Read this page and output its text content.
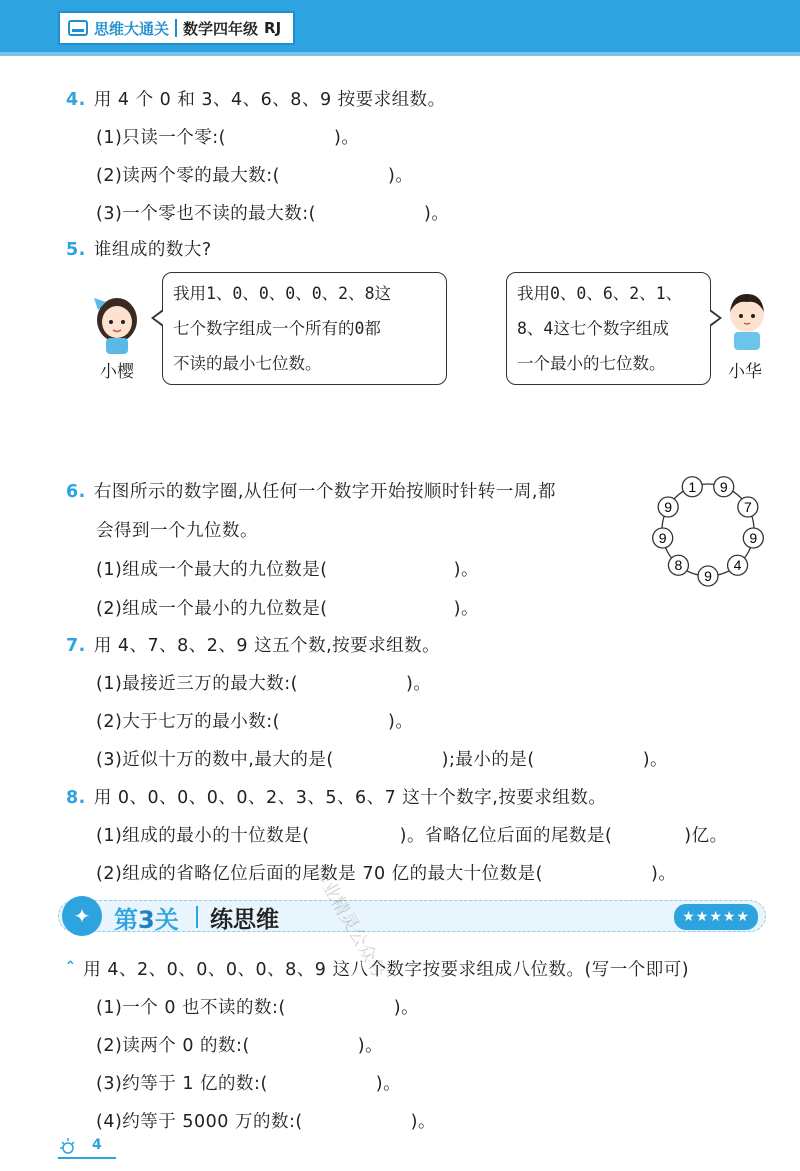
思维大通关 数学四年级 RJ
4. 用 4 个 0 和 3、4、6、8、9 按要求组数。
(1)只读一个零:(　　　　　　)。
(2)读两个零的最大数:(　　　　　　)。
(3)一个零也不读的最大数:(　　　　　　)。
5. 谁组成的数大?
小樱
我用1、0、0、0、0、2、8这
七个数字组成一个所有的0都
不读的最小七位数。
我用0、0、6、2、1、
8、4这七个数字组成
一个最小的七位数。	小华
6. 右图所示的数字圈,从任何一个数字开始按顺时针转一周,都
会得到一个九位数。
(1)组成一个最大的九位数是(　　　　　　　)。
(2)组成一个最小的九位数是(　　　　　　　)。
1 9
7
9
4
9
8
9
9
7. 用 4、7、8、2、9 这五个数,按要求组数。
(1)最接近三万的最大数:(　　　　　　)。
(2)大于七万的最小数:(　　　　　　)。
(3)近似十万的数中,最大的是(　　　　　　);最小的是(　　　　　　)。
8. 用 0、0、0、0、0、2、3、5、6、7 这十个数字,按要求组数。
(1)组成的最小的十位数是(　　　　　)。省略亿位后面的尾数是(　　　　)亿。
(2)组成的省略亿位后面的尾数是 70 亿的最大十位数是(　　　　　　)。
✦ 第3关 练思维	★★★★★
ˆ 用 4、2、0、0、0、0、8、9 这八个数字按要求组成八位数。(写一个即可)
(1)一个 0 也不读的数:(　　　　　　)。
(2)读两个 0 的数:(　　　　　　)。
(3)约等于 1 亿的数:(　　　　　　)。
(4)约等于 5000 万的数:(　　　　　　)。
作业精灵公众号
4
